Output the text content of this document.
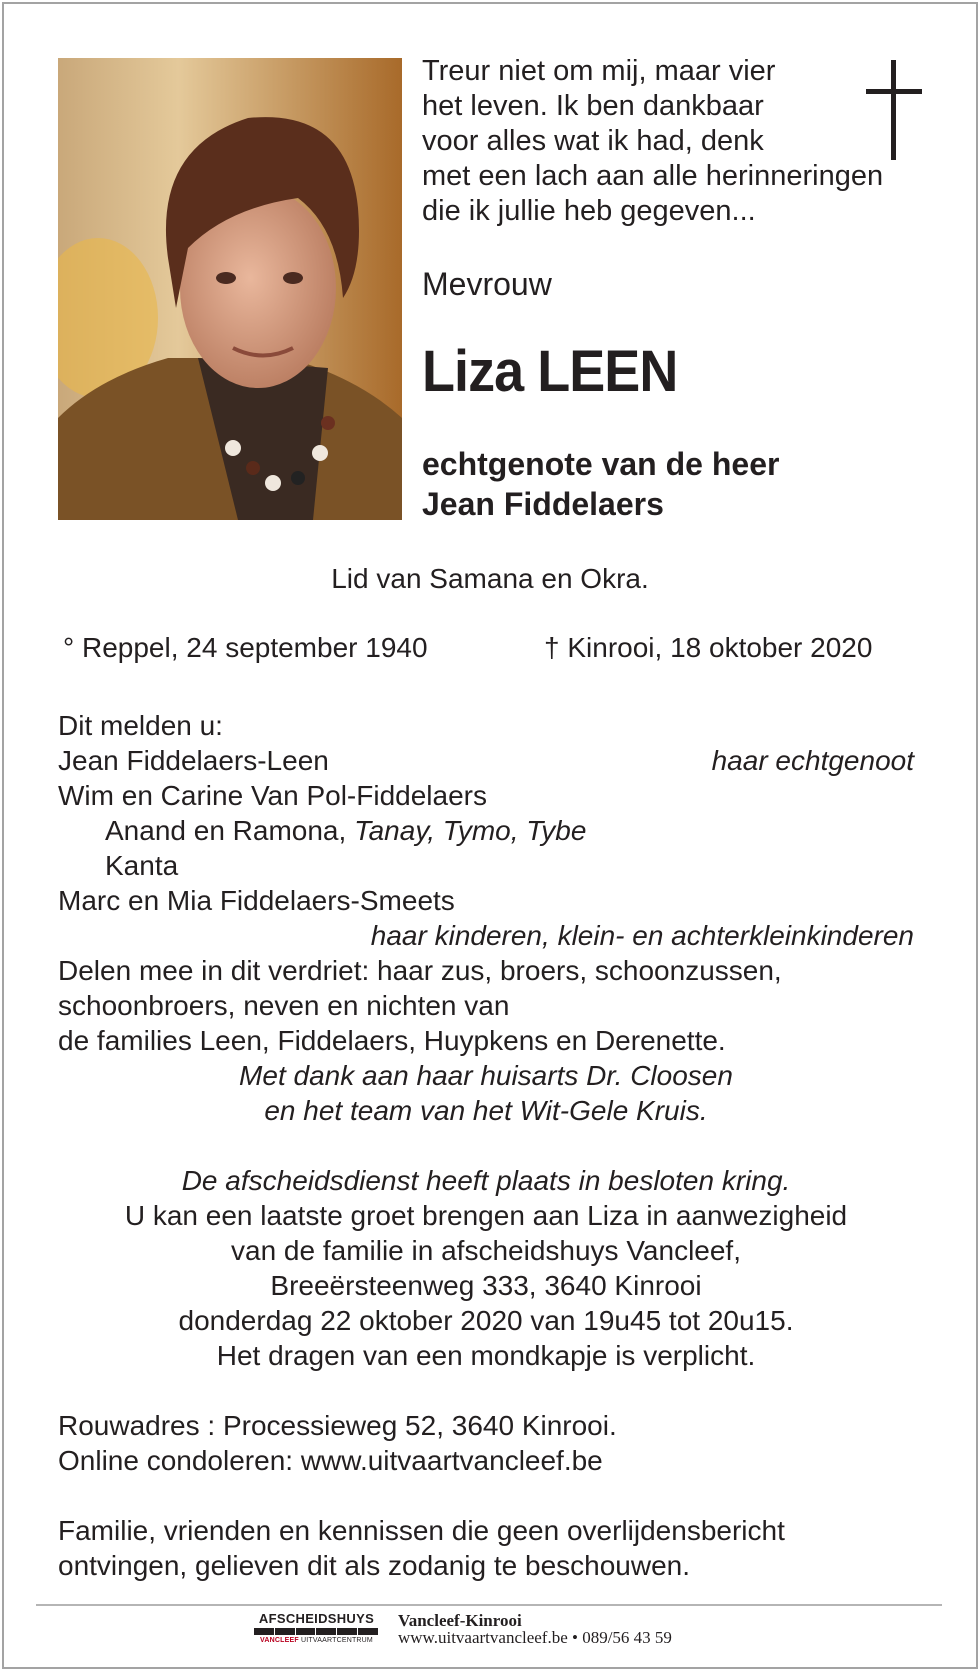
Treur niet om mij, maar vier
het leven. Ik ben dankbaar
voor alles wat ik had, denk
met een lach aan alle herinneringen
die ik jullie heb gegeven...
Mevrouw
Liza LEEN
echtgenote van de heer
Jean Fiddelaers
Lid van Samana en Okra.
° Reppel, 24 september 1940	† Kinrooi, 18 oktober 2020
Dit melden u:
Jean Fiddelaers-Leen	haar echtgenoot
Wim en Carine Van Pol-Fiddelaers
Anand en Ramona, Tanay, Tymo, Tybe
Kanta
Marc en Mia Fiddelaers-Smeets
haar kinderen, klein- en achterkleinkinderen
Delen mee in dit verdriet: haar zus, broers, schoonzussen,
schoonbroers, neven en nichten van
de families Leen, Fiddelaers, Huypkens en Derenette.
Met dank aan haar huisarts Dr. Cloosen
en het team van het Wit-Gele Kruis.
De afscheidsdienst heeft plaats in besloten kring.
U kan een laatste groet brengen aan Liza in aanwezigheid
van de familie in afscheidshuys Vancleef,
Breeërsteenweg 333, 3640 Kinrooi
donderdag 22 oktober 2020 van 19u45 tot 20u15.
Het dragen van een mondkapje is verplicht.
Rouwadres : Processieweg 52, 3640 Kinrooi.
Online condoleren: www.uitvaartvancleef.be
Familie, vrienden en kennissen die geen overlijdensbericht
ontvingen, gelieven dit als zodanig te beschouwen.
AFSCHEIDSHUYS
VANCLEEF UITVAARTCENTRUM
Vancleef-Kinrooi
www.uitvaartvancleef.be • 089/56 43 59
